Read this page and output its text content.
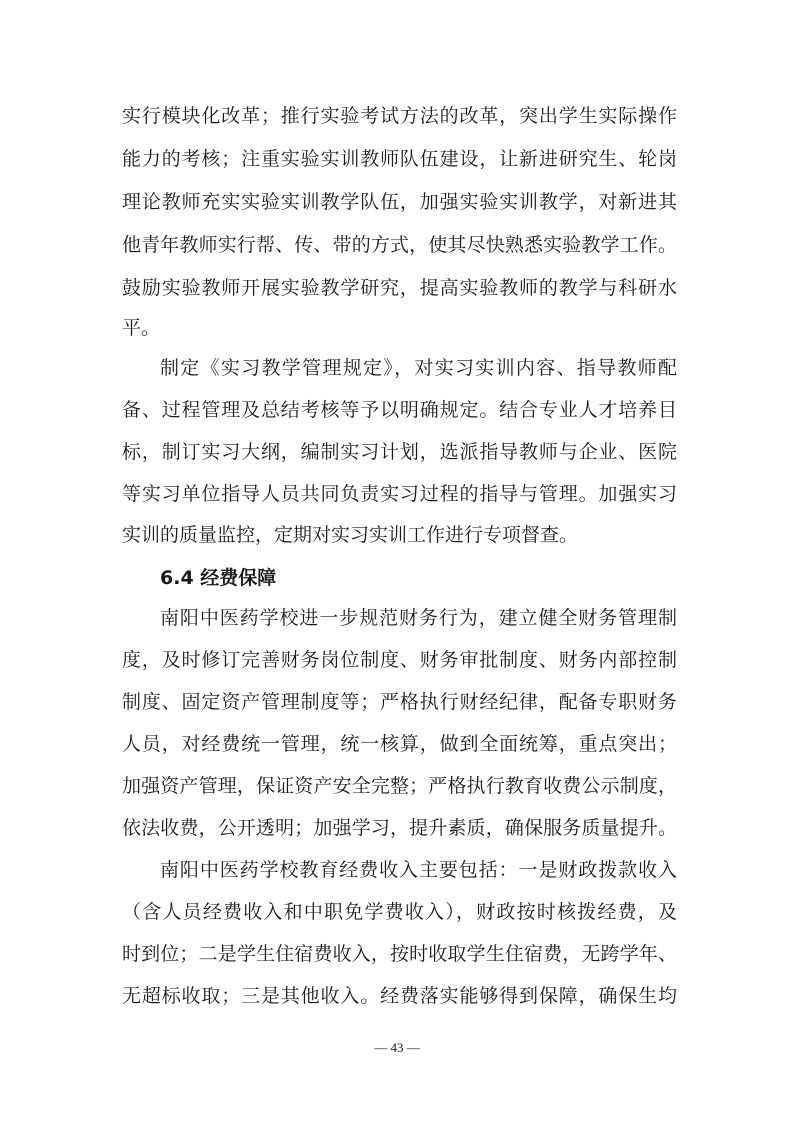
实行模块化改革；推行实验考试方法的改革，突出学生实际操作
能力的考核；注重实验实训教师队伍建设，让新进研究生、轮岗
理论教师充实实验实训教学队伍，加强实验实训教学，对新进其
他青年教师实行帮、传、带的方式，使其尽快熟悉实验教学工作。
鼓励实验教师开展实验教学研究，提高实验教师的教学与科研水
平。
制定《实习教学管理规定》，对实习实训内容、指导教师配
备、过程管理及总结考核等予以明确规定。结合专业人才培养目
标，制订实习大纲，编制实习计划，选派指导教师与企业、医院
等实习单位指导人员共同负责实习过程的指导与管理。加强实习
实训的质量监控，定期对实习实训工作进行专项督查。
6.4 经费保障
南阳中医药学校进一步规范财务行为，建立健全财务管理制
度，及时修订完善财务岗位制度、财务审批制度、财务内部控制
制度、固定资产管理制度等；严格执行财经纪律，配备专职财务
人员，对经费统一管理，统一核算，做到全面统筹，重点突出；
加强资产管理，保证资产安全完整；严格执行教育收费公示制度，
依法收费，公开透明；加强学习，提升素质，确保服务质量提升。
南阳中医药学校教育经费收入主要包括：一是财政拨款收入
（含人员经费收入和中职免学费收入），财政按时核拨经费，及
时到位；二是学生住宿费收入，按时收取学生住宿费，无跨学年、
无超标收取；三是其他收入。经费落实能够得到保障，确保生均
— 43 —
